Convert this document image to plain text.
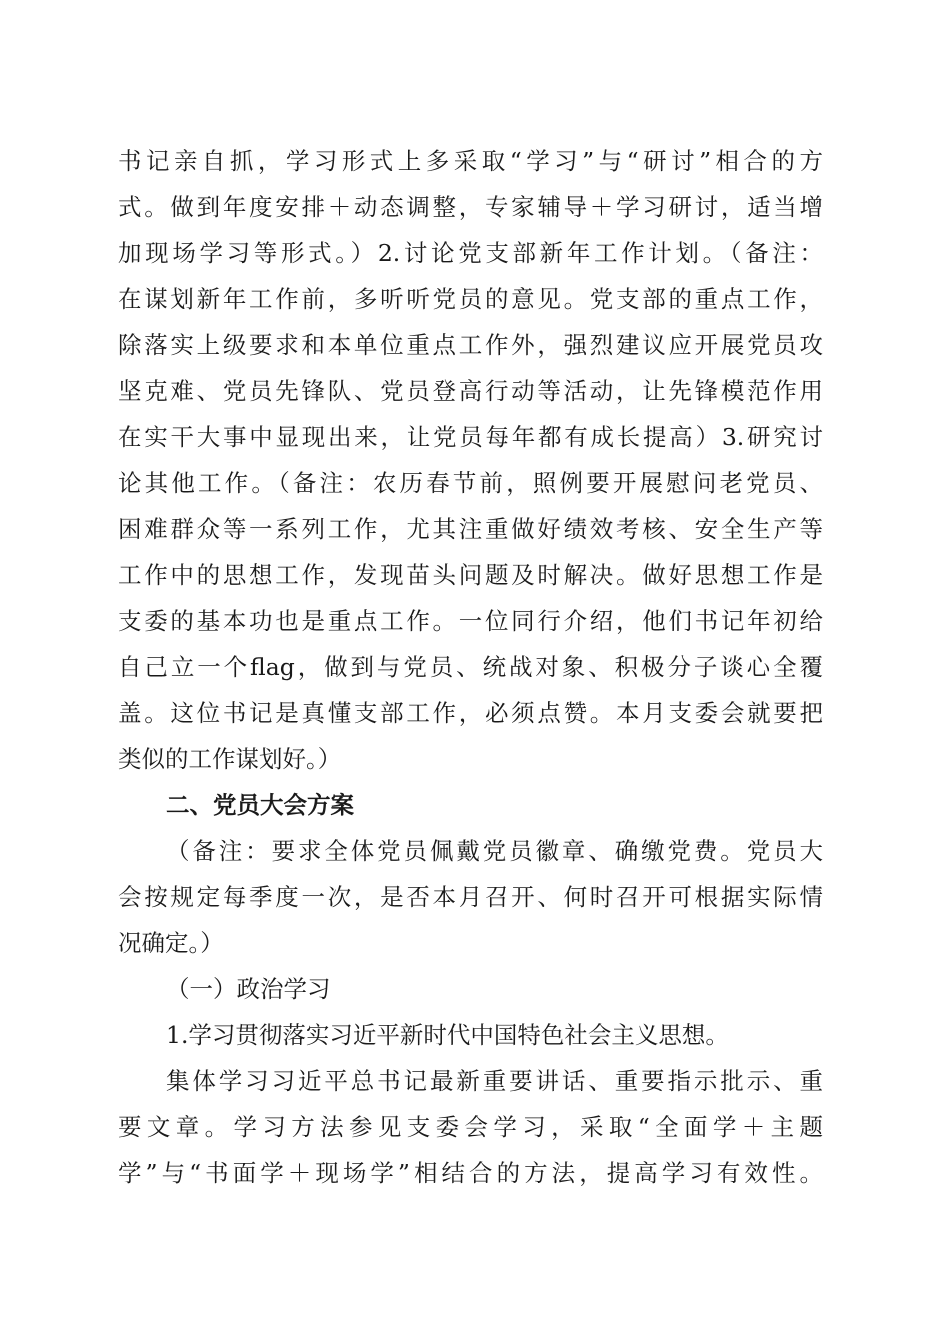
书记亲自抓，学习形式上多采取“学习”与“研讨”相合的方
式。做到年度安排＋动态调整，专家辅导＋学习研讨，适当增
加现场学习等形式。）2.讨论党支部新年工作计划。（备注：
在谋划新年工作前，多听听党员的意见。党支部的重点工作，
除落实上级要求和本单位重点工作外，强烈建议应开展党员攻
坚克难、党员先锋队、党员登高行动等活动，让先锋模范作用
在实干大事中显现出来，让党员每年都有成长提高）3.研究讨
论其他工作。（备注：农历春节前，照例要开展慰问老党员、
困难群众等一系列工作，尤其注重做好绩效考核、安全生产等
工作中的思想工作，发现苗头问题及时解决。做好思想工作是
支委的基本功也是重点工作。一位同行介绍，他们书记年初给
自己立一个flag，做到与党员、统战对象、积极分子谈心全覆
盖。这位书记是真懂支部工作，必须点赞。本月支委会就要把
类似的工作谋划好。）
二、党员大会方案
（备注：要求全体党员佩戴党员徽章、确缴党费。党员大
会按规定每季度一次，是否本月召开、何时召开可根据实际情
况确定。）
（一）政治学习
1.学习贯彻落实习近平新时代中国特色社会主义思想。
集体学习习近平总书记最新重要讲话、重要指示批示、重
要文章。学习方法参见支委会学习，采取“全面学＋主题
学”与“书面学＋现场学”相结合的方法，提高学习有效性。
